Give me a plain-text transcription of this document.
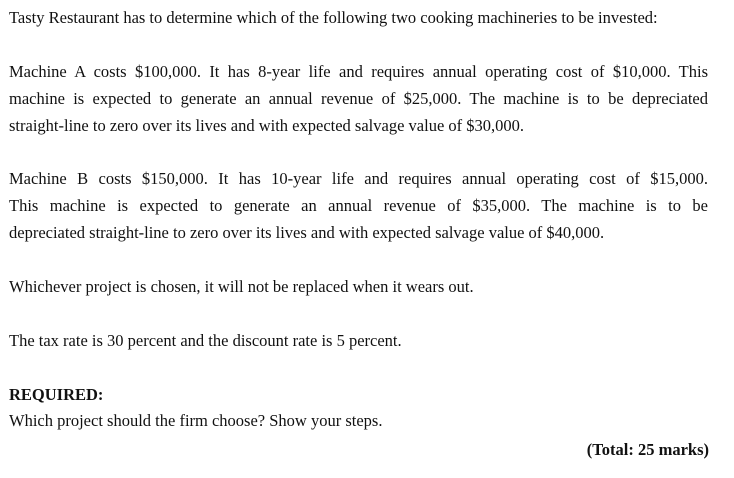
Tasty Restaurant has to determine which of the following two cooking machineries to be invested:
Machine A costs $100,000. It has 8-year life and requires annual operating cost of $10,000. This
machine is expected to generate an annual revenue of $25,000. The machine is to be depreciated
straight-line to zero over its lives and with expected salvage value of $30,000.
Machine B costs $150,000. It has 10-year life and requires annual operating cost of $15,000.
This machine is expected to generate an annual revenue of $35,000. The machine is to be
depreciated straight-line to zero over its lives and with expected salvage value of $40,000.
Whichever project is chosen, it will not be replaced when it wears out.
The tax rate is 30 percent and the discount rate is 5 percent.
REQUIRED:
Which project should the firm choose? Show your steps.
(Total: 25 marks)
